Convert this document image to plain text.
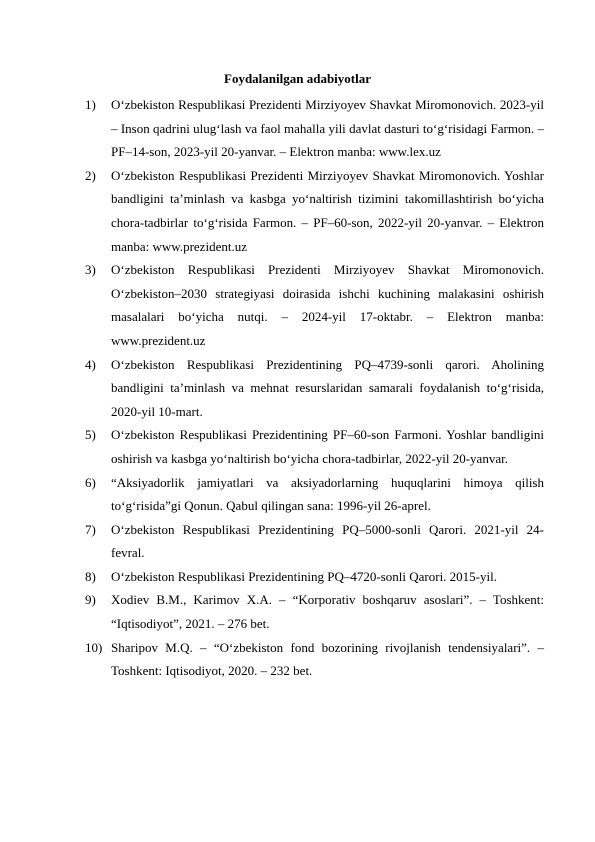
Foydalanilgan adabiyotlar
1) O‘zbekiston Respublikasi Prezidenti Mirziyoyev Shavkat Miromonovich. 2023-yil – Inson qadrini ulug‘lash va faol mahalla yili davlat dasturi to‘g‘risidagi Farmon. – PF–14-son, 2023-yil 20-yanvar. – Elektron manba: www.lex.uz
2) O‘zbekiston Respublikasi Prezidenti Mirziyoyev Shavkat Miromonovich. Yoshlar bandligini ta’minlash va kasbga yo‘naltirish tizimini takomillashtirish bo‘yicha chora-tadbirlar to‘g‘risida Farmon. – PF–60-son, 2022-yil 20-yanvar. – Elektron manba: www.prezident.uz
3) O‘zbekiston Respublikasi Prezidenti Mirziyoyev Shavkat Miromonovich. O‘zbekiston–2030 strategiyasi doirasida ishchi kuchining malakasini oshirish masalalari bo‘yicha nutqi. – 2024-yil 17-oktabr. – Elektron manba: www.prezident.uz
4) O‘zbekiston Respublikasi Prezidentining PQ–4739-sonli qarori. Aholining bandligini ta’minlash va mehnat resurslaridan samarali foydalanish to‘g‘risida, 2020-yil 10-mart.
5) O‘zbekiston Respublikasi Prezidentining PF–60-son Farmoni. Yoshlar bandligini oshirish va kasbga yo‘naltirish bo‘yicha chora-tadbirlar, 2022-yil 20-yanvar.
6) “Aksiyadorlik jamiyatlari va aksiyadorlarning huquqlarini himoya qilish to‘g‘risida”gi Qonun. Qabul qilingan sana: 1996-yil 26-aprel.
7) O‘zbekiston Respublikasi Prezidentining PQ–5000-sonli Qarori. 2021-yil 24-fevral.
8) O‘zbekiston Respublikasi Prezidentining PQ–4720-sonli Qarori. 2015-yil.
9) Xodiev B.M., Karimov X.A. – “Korporativ boshqaruv asoslari”. – Toshkent: “Iqtisodiyot”, 2021. – 276 bet.
10) Sharipov M.Q. – “O‘zbekiston fond bozorining rivojlanish tendensiyalari”. – Toshkent: Iqtisodiyot, 2020. – 232 bet.
